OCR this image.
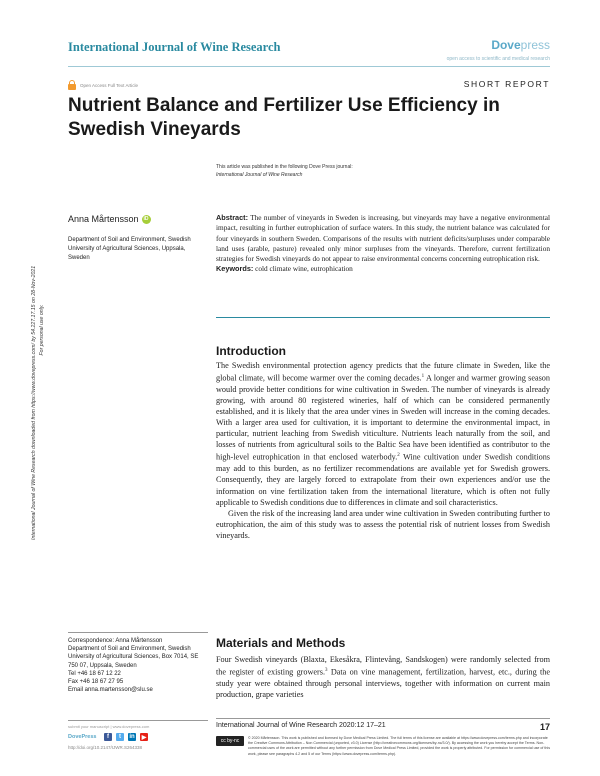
International Journal of Wine Research	Dovepress
open access to scientific and medical research
Open Access Full Text Article	SHORT REPORT
Nutrient Balance and Fertilizer Use Efficiency in Swedish Vineyards
This article was published in the following Dove Press journal:
International Journal of Wine Research
International Journal of Wine Research downloaded from https://www.dovepress.com/ by 54.227.17.15 on 28-Nov-2021 For personal use only.
Anna Mårtensson	iD
Department of Soil and Environment, Swedish University of Agricultural Sciences, Uppsala, Sweden

Abstract: The number of vineyards in Sweden is increasing, but vineyards may have a negative environmental impact, resulting in further eutrophication of surface waters. In this study, the nutrient balance was calculated for four vineyards in southern Sweden. Comparisons of the results with nutrient deficits/surpluses under comparable land uses (arable, pasture) revealed only minor surpluses from the vineyards. Therefore, current fertilization strategies for Swedish vineyards do not appear to raise environmental concerns concerning eutrophication risk.

Keywords: cold climate wine, eutrophication

Introduction

The Swedish environmental protection agency predicts that the future climate in Sweden, like the global climate, will become warmer over the coming decades.$^1$ A longer and warmer growing season would provide better conditions for wine cultivation in Sweden. The number of vineyards is already growing, with around 80 registered wineries, half of which can be considered permanently established, and it is likely that the area under vines in Sweden will increase in the coming decades. With a larger area used for cultivation, it is important to determine the environmental impact, in particular, nutrient leaching from Swedish viticulture. Nutrients leach naturally from the soil, and losses of nutrients from agricultural soils to the Baltic Sea have been identified as contributor to the high-level eutrophication in that enclosed waterbody.$^2$ Wine cultivation under Swedish conditions may add to this burden, as no fertilizer recommendations are available yet for Swedish growers. Consequently, they are largely forced to extrapolate from their own experiences and/or use the information on vine fertilization taken from the international literature, which is often not fully applicable to Swedish conditions due to differences in climate and soil characteristics.

Given the risk of the increasing land area under wine cultivation in Sweden contributing further to eutrophication, the aim of this study was to assess the potential risk of nutrient losses from Swedish vineyards.

Materials and Methods

Four Swedish vineyards (Blaxta, Ekesåkra, Flintevång, Sandskogen) were randomly selected from the register of existing growers.$^3$ Data on vine management, fertilization, harvest, etc., during the study year were obtained through personal interviews, together with information on current main production, grape varieties

Correspondence: Anna Mårtensson
Department of Soil and Environment, Swedish University of Agricultural Sciences, Box 7014, SE 750 07, Uppsala, Sweden
Tel +46 18 67 12 22
Fax +46 18 67 27 95
Email anna.martensson@slu.se
submit your manuscript | www.dovepress.com
DovePress	f	t	in ▶
http://doi.org/10.2147/IJWR.S264338
International Journal of Wine Research 2020:12 17–21	17
cc by-nc	© 2020 Mårtensson. This work is published and licensed by Dove Medical Press Limited. The full terms of this license are available at https://www.dovepress.com/terms.php and incorporate the Creative Commons Attribution – Non Commercial (unported, v3.0) License (http://creativecommons.org/licenses/by-nc/3.0/). By accessing the work you hereby accept the Terms. Non-commercial uses of the work are permitted without any further permission from Dove Medical Press Limited, provided the work is properly attributed. For permission for commercial use of this work, please see paragraphs 4.2 and 5 of our Terms (https://www.dovepress.com/terms.php).
